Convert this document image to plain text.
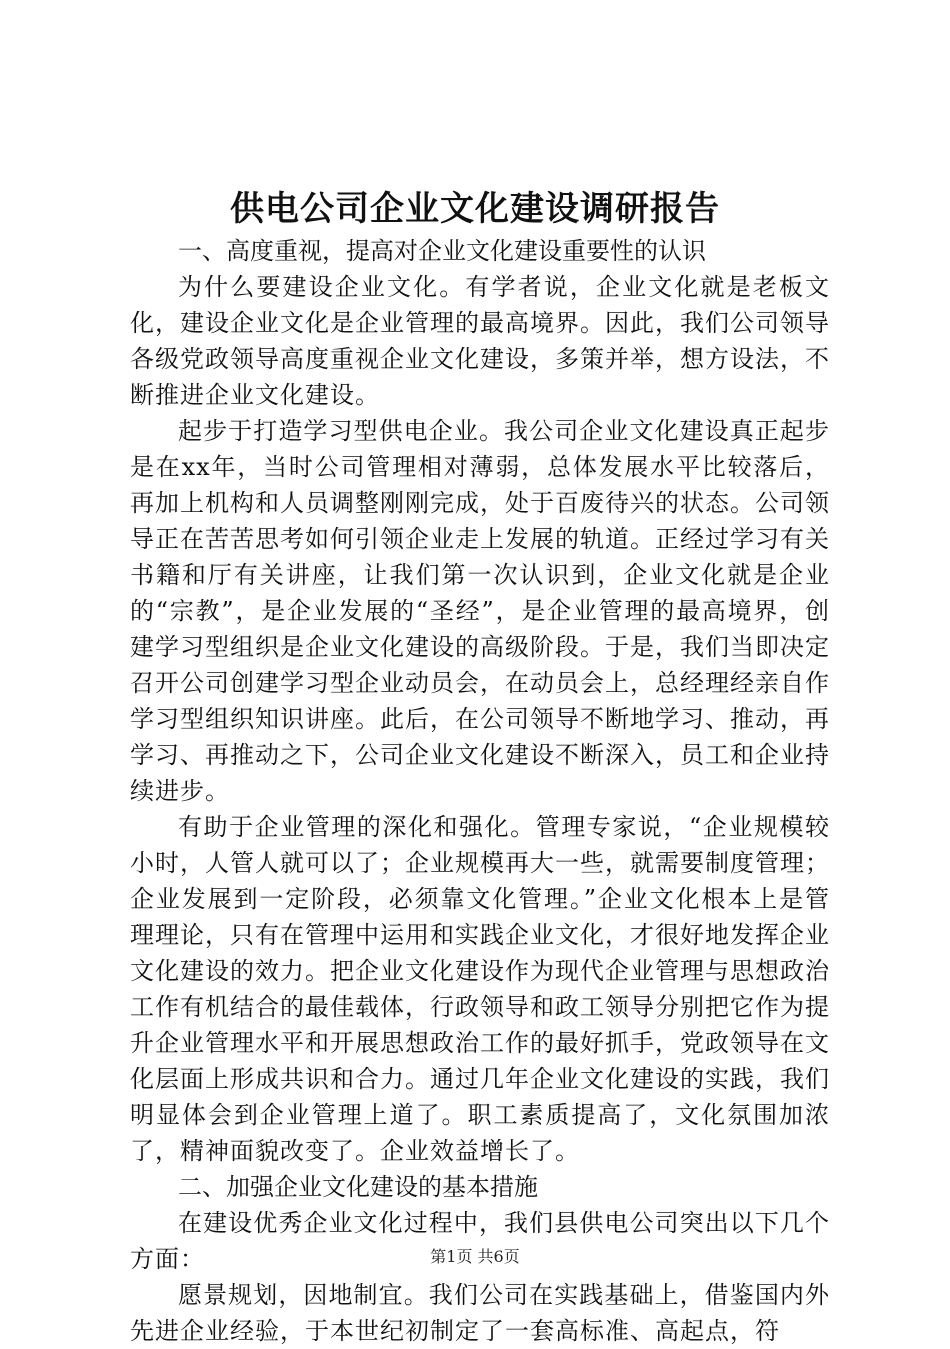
供电公司企业文化建设调研报告
一、高度重视，提高对企业文化建设重要性的认识

为什么要建设企业文化。有学者说，企业文化就是老板文化，建设企业文化是企业管理的最高境界。因此，我们公司领导各级党政领导高度重视企业文化建设，多策并举，想方设法，不断推进企业文化建设。

起步于打造学习型供电企业。我公司企业文化建设真正起步是在xx年，当时公司管理相对薄弱，总体发展水平比较落后，再加上机构和人员调整刚刚完成，处于百废待兴的状态。公司领导正在苦苦思考如何引领企业走上发展的轨道。正经过学习有关书籍和厅有关讲座，让我们第一次认识到，企业文化就是企业的“宗教”，是企业发展的“圣经”，是企业管理的最高境界，创建学习型组织是企业文化建设的高级阶段。于是，我们当即决定召开公司创建学习型企业动员会，在动员会上，总经理经亲自作学习型组织知识讲座。此后，在公司领导不断地学习、推动，再学习、再推动之下，公司企业文化建设不断深入，员工和企业持续进步。

有助于企业管理的深化和强化。管理专家说，“企业规模较小时，人管人就可以了；企业规模再大一些，就需要制度管理；企业发展到一定阶段，必须靠文化管理。”企业文化根本上是管理理论，只有在管理中运用和实践企业文化，才很好地发挥企业文化建设的效力。把企业文化建设作为现代企业管理与思想政治工作有机结合的最佳载体，行政领导和政工领导分别把它作为提升企业管理水平和开展思想政治工作的最好抓手，党政领导在文化层面上形成共识和合力。通过几年企业文化建设的实践，我们明显体会到企业管理上道了。职工素质提高了，文化氛围加浓了，精神面貌改变了。企业效益增长了。

二、加强企业文化建设的基本措施

在建设优秀企业文化过程中，我们县供电公司突出以下几个方面：

愿景规划，因地制宜。我们公司在实践基础上，借鉴国内外先进企业经验，于本世纪初制定了一套高标准、高起点，符

第1页 共6页
